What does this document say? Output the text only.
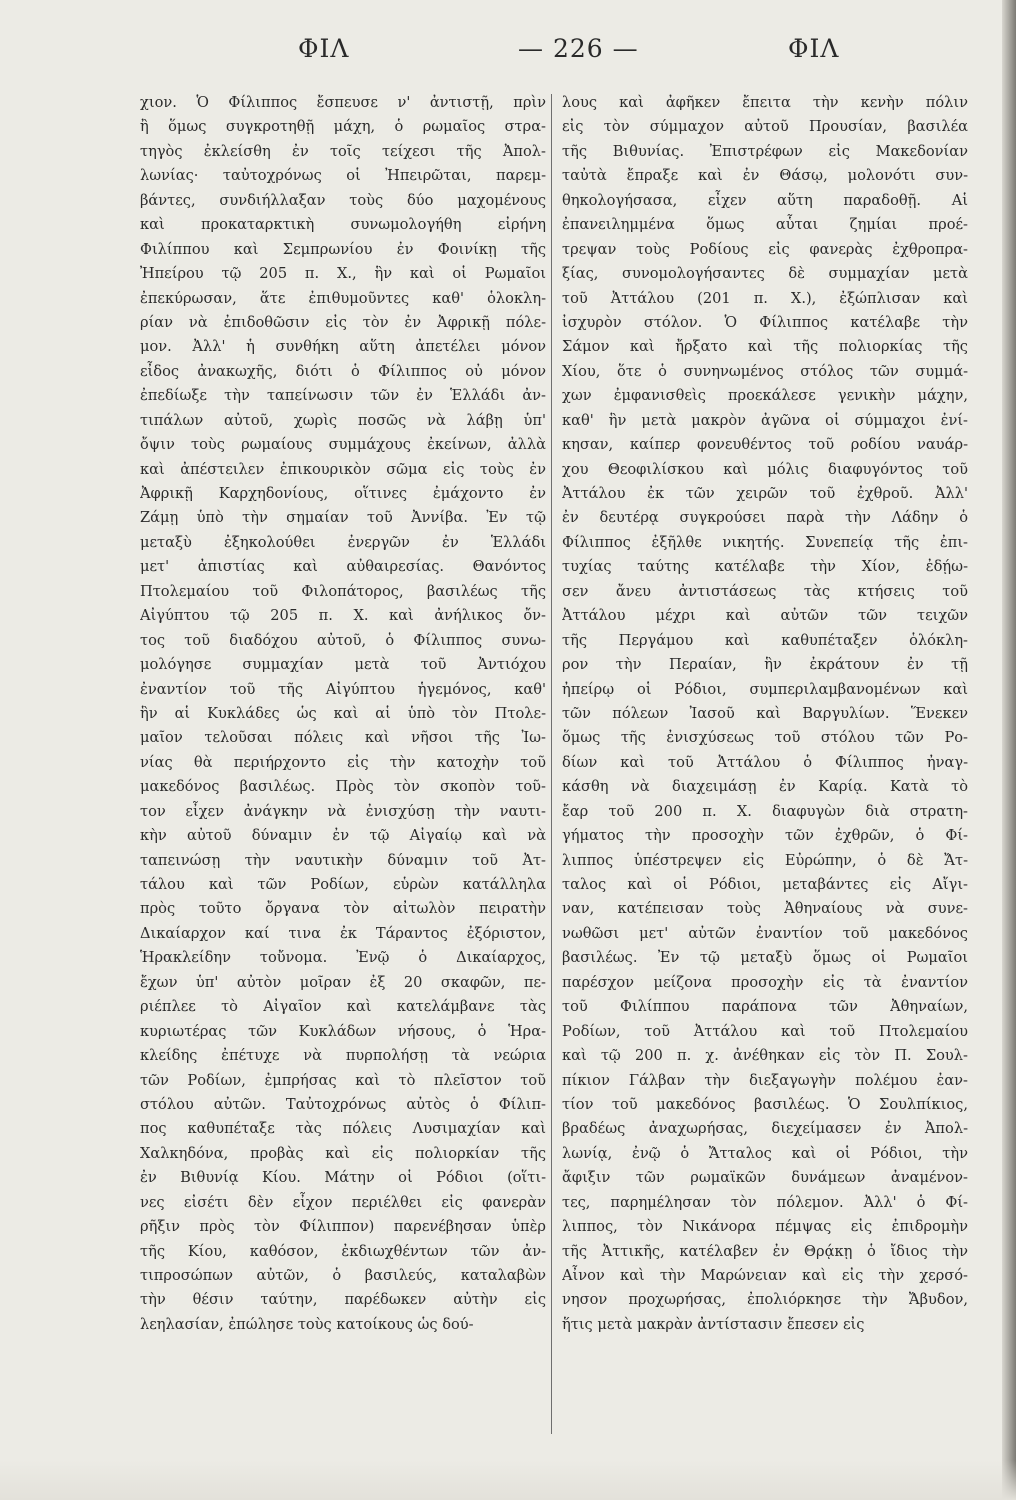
ΦΙΛ	— 226 —	ΦΙΛ
χιον. Ὁ Φίλιππος ἔσπευσε ν' ἀντιστῇ, πρὶν
ἢ ὅμως συγκροτηθῇ μάχη, ὁ ρωμαῖος στρα-
τηγὸς ἐκλείσθη ἐν τοῖς τείχεσι τῆς Ἀπολ-
λωνίας· ταὐτοχρόνως οἱ Ἠπειρῶται, παρεμ-
βάντες, συνδιήλλαξαν τοὺς δύο μαχομένους
καὶ προκαταρκτικὴ συνωμολογήθη εἰρήνη
Φιλίππου καὶ Σεμπρωνίου ἐν Φοινίκῃ τῆς
Ἠπείρου τῷ 205 π. Χ., ἣν καὶ οἱ Ρωμαῖοι
ἐπεκύρωσαν, ἅτε ἐπιθυμοῦντες καθ' ὁλοκλη-
ρίαν νὰ ἐπιδοθῶσιν εἰς τὸν ἐν Ἀφρικῇ πόλε-
μον. Ἀλλ' ἡ συνθήκη αὕτη ἀπετέλει μόνον
εἶδος ἀνακωχῆς, διότι ὁ Φίλιππος οὐ μόνον
ἐπεδίωξε τὴν ταπείνωσιν τῶν ἐν Ἑλλάδι ἀν-
τιπάλων αὐτοῦ, χωρὶς ποσῶς νὰ λάβῃ ὑπ'
ὄψιν τοὺς ρωμαίους συμμάχους ἐκείνων, ἀλλὰ
καὶ ἀπέστειλεν ἐπικουρικὸν σῶμα εἰς τοὺς ἐν
Ἀφρικῇ Καρχηδονίους, οἵτινες ἐμάχοντο ἐν
Ζάμῃ ὑπὸ τὴν σημαίαν τοῦ Ἀννίβα. Ἐν τῷ
μεταξὺ ἐξηκολούθει ἐνεργῶν ἐν Ἑλλάδι
μετ' ἀπιστίας καὶ αὐθαιρεσίας. Θανόντος
Πτολεμαίου τοῦ Φιλοπάτορος, βασιλέως τῆς
Αἰγύπτου τῷ 205 π. Χ. καὶ ἀνήλικος ὄν-
τος τοῦ διαδόχου αὐτοῦ, ὁ Φίλιππος συνω-
μολόγησε συμμαχίαν μετὰ τοῦ Ἀντιόχου
ἐναντίον τοῦ τῆς Αἰγύπτου ἡγεμόνος, καθ'
ἣν αἱ Κυκλάδες ὡς καὶ αἱ ὑπὸ τὸν Πτολε-
μαῖον τελοῦσαι πόλεις καὶ νῆσοι τῆς Ἰω-
νίας θὰ περιήρχοντο εἰς τὴν κατοχὴν τοῦ
μακεδόνος βασιλέως. Πρὸς τὸν σκοπὸν τοῦ-
τον εἶχεν ἀνάγκην νὰ ἐνισχύσῃ τὴν ναυτι-
κὴν αὐτοῦ δύναμιν ἐν τῷ Αἰγαίῳ καὶ νὰ
ταπεινώσῃ τὴν ναυτικὴν δύναμιν τοῦ Ἀτ-
τάλου καὶ τῶν Ροδίων, εὑρὼν κατάλληλα
πρὸς τοῦτο ὄργανα τὸν αἰτωλὸν πειρατὴν
Δικαίαρχον καί τινα ἐκ Τάραντος ἐξόριστον,
Ἡρακλείδην τοὔνομα. Ἐνῷ ὁ Δικαίαρχος,
ἔχων ὑπ' αὐτὸν μοῖραν ἐξ 20 σκαφῶν, πε-
ριέπλεε τὸ Αἰγαῖον καὶ κατελάμβανε τὰς
κυριωτέρας τῶν Κυκλάδων νήσους, ὁ Ἡρα-
κλείδης ἐπέτυχε νὰ πυρπολήσῃ τὰ νεώρια
τῶν Ροδίων, ἐμπρήσας καὶ τὸ πλεῖστον τοῦ
στόλου αὐτῶν. Ταὐτοχρόνως αὐτὸς ὁ Φίλιπ-
πος καθυπέταξε τὰς πόλεις Λυσιμαχίαν καὶ
Χαλκηδόνα, προβὰς καὶ εἰς πολιορκίαν τῆς
ἐν Βιθυνίᾳ Κίου. Μάτην οἱ Ρόδιοι (οἵτι-
νες εἰσέτι δὲν εἶχον περιέλθει εἰς φανερὰν
ρῆξιν πρὸς τὸν Φίλιππον) παρενέβησαν ὑπὲρ
τῆς Κίου, καθόσον, ἐκδιωχθέντων τῶν ἀν-
τιπροσώπων αὐτῶν, ὁ βασιλεύς, καταλαβὼν
τὴν θέσιν ταύτην, παρέδωκεν αὐτὴν εἰς
λεηλασίαν, ἐπώλησε τοὺς κατοίκους ὡς δού-
λους καὶ ἀφῆκεν ἔπειτα τὴν κενὴν πόλιν
εἰς τὸν σύμμαχον αὐτοῦ Προυσίαν, βασιλέα
τῆς Βιθυνίας. Ἐπιστρέφων εἰς Μακεδονίαν
ταὐτὰ ἔπραξε καὶ ἐν Θάσῳ, μολονότι συν-
θηκολογήσασα, εἶχεν αὕτη παραδοθῇ. Αἱ
ἐπανειλημμένα ὅμως αὗται ζημίαι προέ-
τρεψαν τοὺς Ροδίους εἰς φανερὰς ἐχθροπρα-
ξίας, συνομολογήσαντες δὲ συμμαχίαν μετὰ
τοῦ Ἀττάλου (201 π. Χ.), ἐξώπλισαν καὶ
ἰσχυρὸν στόλον. Ὁ Φίλιππος κατέλαβε τὴν
Σάμον καὶ ἤρξατο καὶ τῆς πολιορκίας τῆς
Χίου, ὅτε ὁ συνηνωμένος στόλος τῶν συμμά-
χων ἐμφανισθεὶς προεκάλεσε γενικὴν μάχην,
καθ' ἣν μετὰ μακρὸν ἀγῶνα οἱ σύμμαχοι ἐνί-
κησαν, καίπερ φονευθέντος τοῦ ροδίου ναυάρ-
χου Θεοφιλίσκου καὶ μόλις διαφυγόντος τοῦ
Ἀττάλου ἐκ τῶν χειρῶν τοῦ ἐχθροῦ. Ἀλλ'
ἐν δευτέρᾳ συγκρούσει παρὰ τὴν Λάδην ὁ
Φίλιππος ἐξῆλθε νικητής. Συνεπείᾳ τῆς ἐπι-
τυχίας ταύτης κατέλαβε τὴν Χίον, ἐδῄω-
σεν ἄνευ ἀντιστάσεως τὰς κτήσεις τοῦ
Ἀττάλου μέχρι καὶ αὐτῶν τῶν τειχῶν
τῆς Περγάμου καὶ καθυπέταξεν ὁλόκλη-
ρον τὴν Περαίαν, ἣν ἐκράτουν ἐν τῇ
ἠπείρῳ οἱ Ρόδιοι, συμπεριλαμβανομένων καὶ
τῶν πόλεων Ἰασοῦ καὶ Βαργυλίων. Ἕνεκεν
ὅμως τῆς ἐνισχύσεως τοῦ στόλου τῶν Ρο-
δίων καὶ τοῦ Ἀττάλου ὁ Φίλιππος ἠναγ-
κάσθη νὰ διαχειμάσῃ ἐν Καρίᾳ. Κατὰ τὸ
ἔαρ τοῦ 200 π. Χ. διαφυγὼν διὰ στρατη-
γήματος τὴν προσοχὴν τῶν ἐχθρῶν, ὁ Φί-
λιππος ὑπέστρεψεν εἰς Εὐρώπην, ὁ δὲ Ἄτ-
ταλος καὶ οἱ Ρόδιοι, μεταβάντες εἰς Αἴγι-
ναν, κατέπεισαν τοὺς Ἀθηναίους νὰ συνε-
νωθῶσι μετ' αὐτῶν ἐναντίον τοῦ μακεδόνος
βασιλέως. Ἐν τῷ μεταξὺ ὅμως οἱ Ρωμαῖοι
παρέσχον μείζονα προσοχὴν εἰς τὰ ἐναντίον
τοῦ Φιλίππου παράπονα τῶν Ἀθηναίων,
Ροδίων, τοῦ Ἀττάλου καὶ τοῦ Πτολεμαίου
καὶ τῷ 200 π. χ. ἀνέθηκαν εἰς τὸν Π. Σουλ-
πίκιον Γάλβαν τὴν διεξαγωγὴν πολέμου ἐαν-
τίον τοῦ μακεδόνος βασιλέως. Ὁ Σουλπίκιος,
βραδέως ἀναχωρήσας, διεχείμασεν ἐν Ἀπολ-
λωνίᾳ, ἐνῷ ὁ Ἄτταλος καὶ οἱ Ρόδιοι, τὴν
ἄφιξιν τῶν ρωμαϊκῶν δυνάμεων ἀναμένον-
τες, παρημέλησαν τὸν πόλεμον. Ἀλλ' ὁ Φί-
λιππος, τὸν Νικάνορα πέμψας εἰς ἐπιδρομὴν
τῆς Ἀττικῆς, κατέλαβεν ἐν Θρᾴκῃ ὁ ἴδιος τὴν
Αἶνον καὶ τὴν Μαρώνειαν καὶ εἰς τὴν χερσό-
νησον προχωρήσας, ἐπολιόρκησε τὴν Ἄβυδον,
ἥτις μετὰ μακρὰν ἀντίστασιν ἔπεσεν εἰς
